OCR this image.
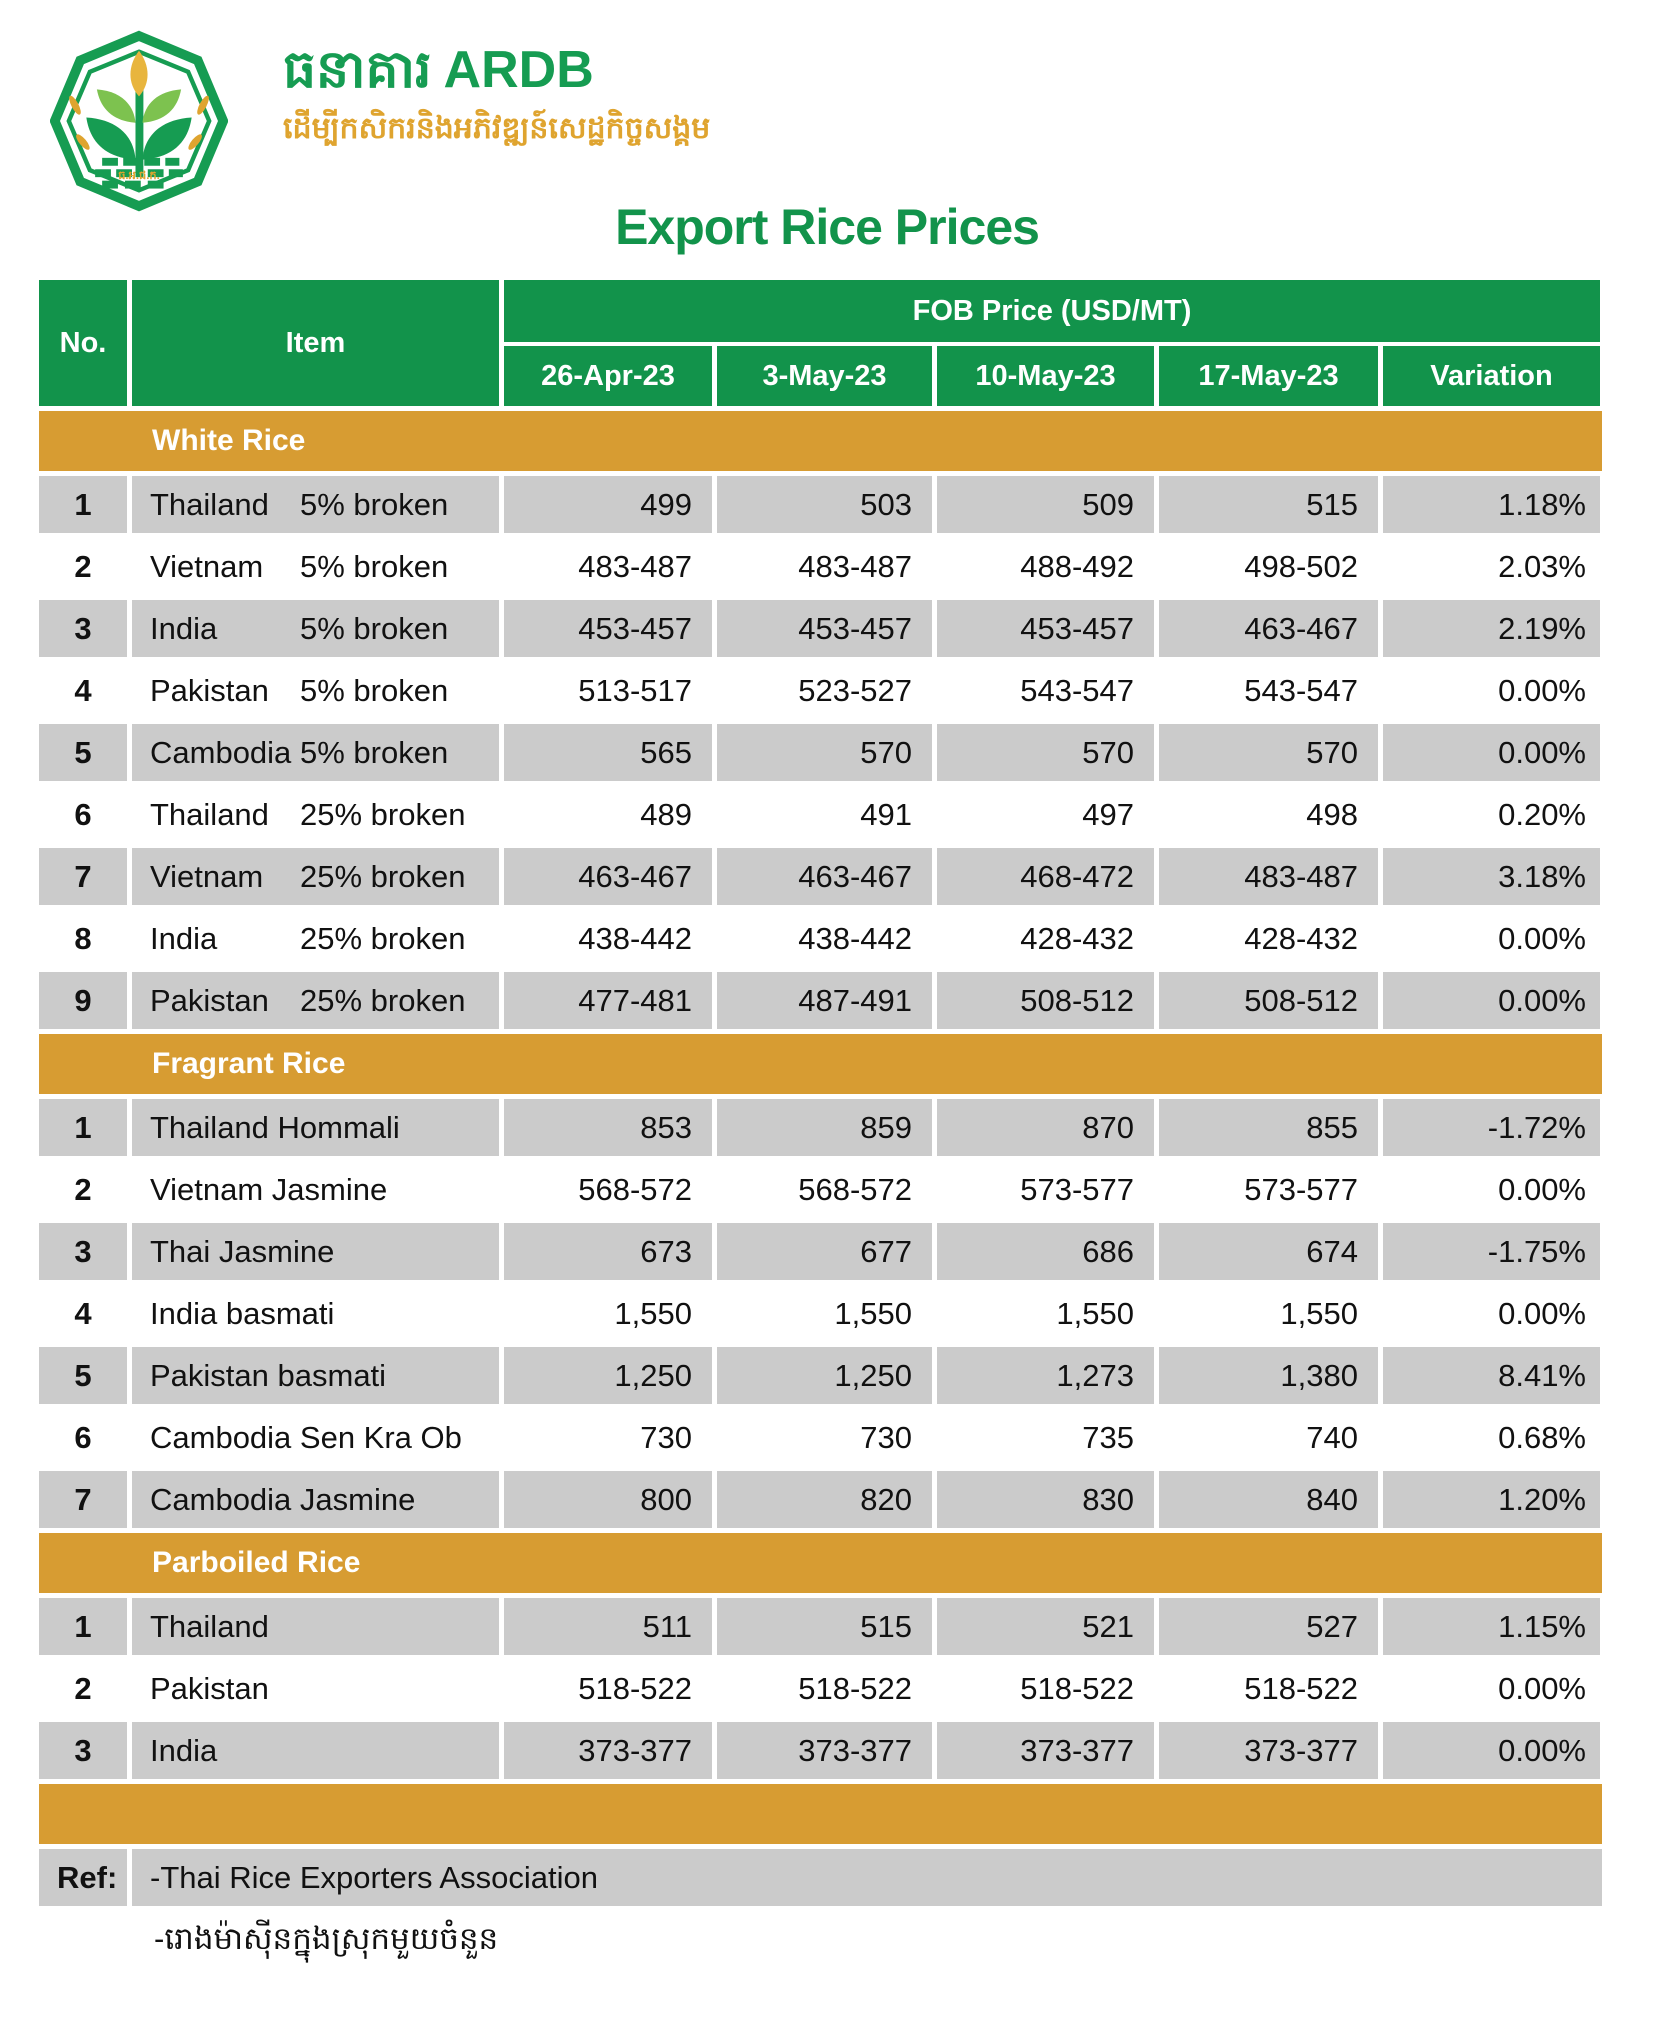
ធ.អ.ជ.ក.
ធនាគារ ARDB
ដើម្បីកសិករនិងអភិវឌ្ឍន៍សេដ្ឋកិច្ចសង្គម
Export Rice Prices
No.	Item
FOB Price (USD/MT)
26-Apr-23	3-May-23	10-May-23	17-May-23	Variation
White Rice
1	Thailand	5% broken	499	503	509	515	1.18%
2	Vietnam	5% broken	483-487	483-487	488-492	498-502	2.03%
3	India	5% broken	453-457	453-457	453-457	463-467	2.19%
4	Pakistan	5% broken	513-517	523-527	543-547	543-547	0.00%
5	Cambodia 5% broken	565	570	570	570	0.00%
6	Thailand	25% broken	489	491	497	498	0.20%
7	Vietnam	25% broken	463-467	463-467	468-472	483-487	3.18%
8	India	25% broken	438-442	438-442	428-432	428-432	0.00%
9	Pakistan	25% broken	477-481	487-491	508-512	508-512	0.00%
Fragrant Rice
1	Thailand Hommali	853	859	870	855	-1.72%
2	Vietnam Jasmine	568-572	568-572	573-577	573-577	0.00%
3	Thai Jasmine	673	677	686	674	-1.75%
4	India basmati	1,550	1,550	1,550	1,550	0.00%
5	Pakistan basmati	1,250	1,250	1,273	1,380	8.41%
6	Cambodia Sen Kra Ob	730	730	735	740	0.68%
7	Cambodia Jasmine	800	820	830	840	1.20%
Parboiled Rice
1	Thailand	511	515	521	527	1.15%
2	Pakistan	518-522	518-522	518-522	518-522	0.00%
3	India	373-377	373-377	373-377	373-377	0.00%
Ref:	-Thai Rice Exporters Association
-រោងម៉ាស៊ីនក្នុងស្រុកមួយចំនួន
